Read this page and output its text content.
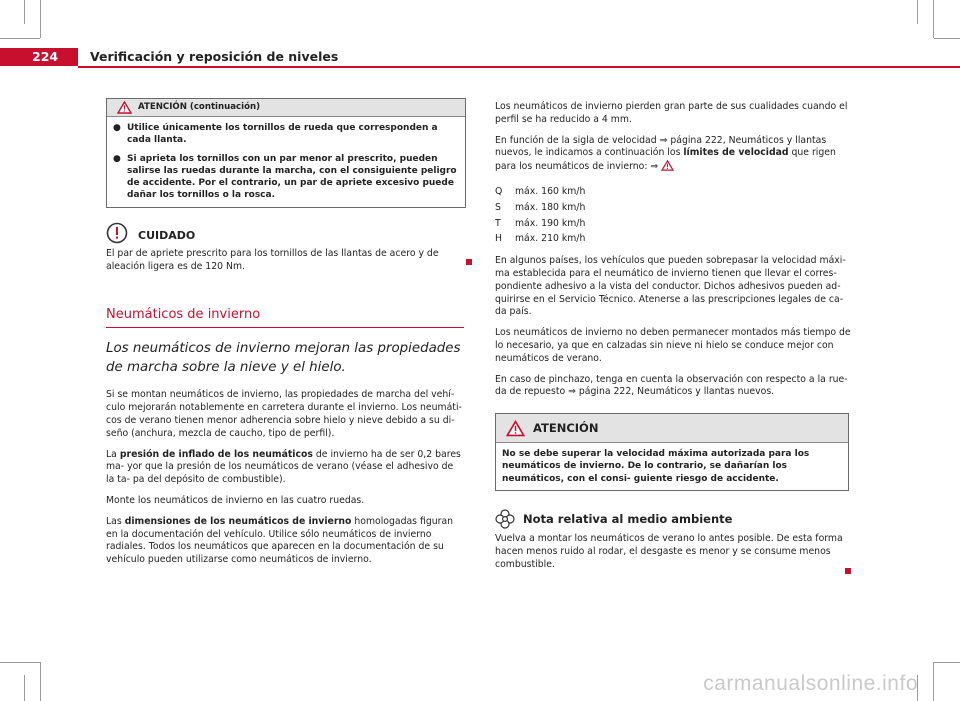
224	Verificación y reposición de niveles
ATENCIÓN (continuación)
● Utilice únicamente los tornillos de rueda que corresponden a cada llanta.
● Si aprieta los tornillos con un par menor al prescrito, pueden salirse las ruedas durante la marcha, con el consiguiente peligro de accidente. Por el contrario, un par de apriete excesivo puede dañar los tornillos o la rosca.
CUIDADO

El par de apriete prescrito para los tornillos de las llantas de acero y de aleación ligera es de 120 Nm.

Neumáticos de invierno
Los neumáticos de invierno mejoran las propiedades de marcha sobre la nieve y el hielo.

Si se montan neumáticos de invierno, las propiedades de marcha del vehí- culo mejorarán notablemente en carretera durante el invierno. Los neumáti- cos de verano tienen menor adherencia sobre hielo y nieve debido a su di- seño (anchura, mezcla de caucho, tipo de perfil).

La presión de inflado de los neumáticos de invierno ha de ser 0,2 bares ma- yor que la presión de los neumáticos de verano (véase el adhesivo de la ta- pa del depósito de combustible).

Monte los neumáticos de invierno en las cuatro ruedas.

Las dimensiones de los neumáticos de invierno homologadas figuran en la documentación del vehículo. Utilice sólo neumáticos de invierno radiales. Todos los neumáticos que aparecen en la documentación de su vehículo pueden utilizarse como neumáticos de invierno.

Los neumáticos de invierno pierden gran parte de sus cualidades cuando el perfil se ha reducido a 4 mm.

En función de la sigla de velocidad ⇒ página 222, Neumáticos y llantas nuevos, le indicamos a continuación los límites de velocidad que rigen para los neumáticos de invierno: ⇒

Q	máx. 160 km/h
S	máx. 180 km/h
T	máx. 190 km/h
H	máx. 210 km/h

En algunos países, los vehículos que pueden sobrepasar la velocidad máxi- ma establecida para el neumático de invierno tienen que llevar el corres- pondiente adhesivo a la vista del conductor. Dichos adhesivos pueden ad- quirirse en el Servicio Técnico. Atenerse a las prescripciones legales de ca- da país.

Los neumáticos de invierno no deben permanecer montados más tiempo de lo necesario, ya que en calzadas sin nieve ni hielo se conduce mejor con neumáticos de verano.

En caso de pinchazo, tenga en cuenta la observación con respecto a la rue- da de repuesto ⇒ página 222, Neumáticos y llantas nuevos.

ATENCIÓN
No se debe superar la velocidad máxima autorizada para los neumáticos de invierno. De lo contrario, se dañarían los neumáticos, con el consi- guiente riesgo de accidente.
Nota relativa al medio ambiente

Vuelva a montar los neumáticos de verano lo antes posible. De esta forma hacen menos ruido al rodar, el desgaste es menor y se consume menos combustible.

carmanualsonline.info
